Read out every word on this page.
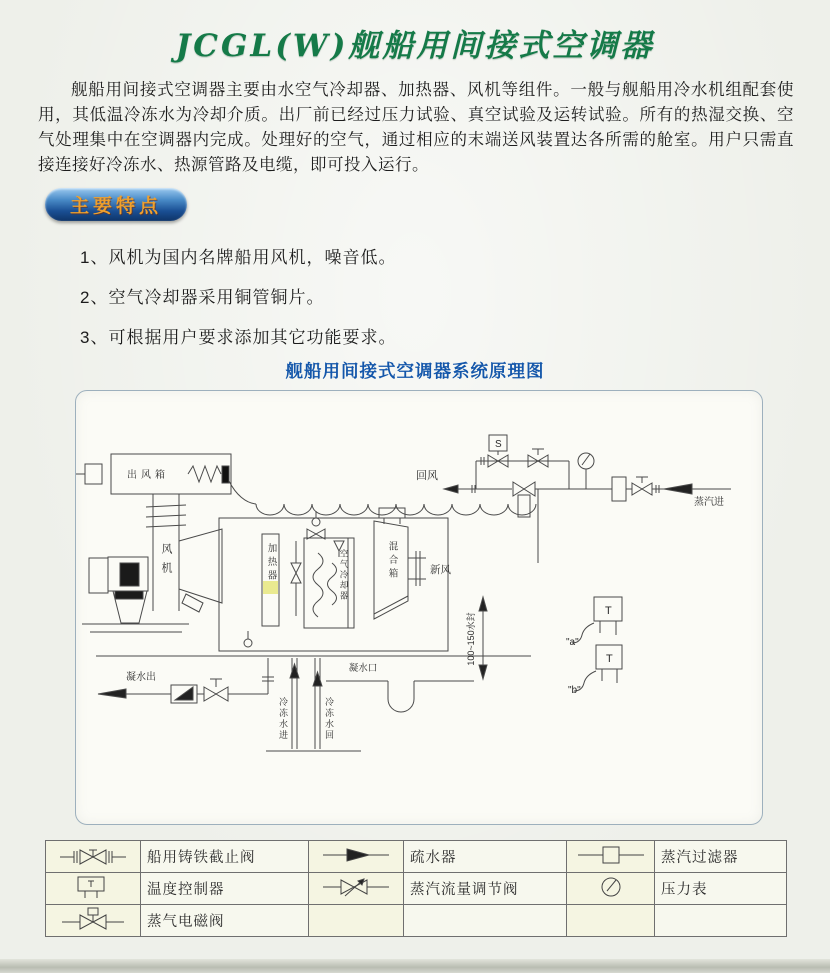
JCGL(W)舰船用间接式空调器
舰船用间接式空调器主要由水空气冷却器、加热器、风机等组件。一般与舰船用冷水机组配套使用，其低温冷冻水为冷却介质。出厂前已经过压力试验、真空试验及运转试验。所有的热湿交换、空气处理集中在空调器内完成。处理好的空气，通过相应的末端送风装置达各所需的舱室。用户只需直接连接好冷冻水、热源管路及电缆，即可投入运行。
主要特点
1、风机为国内名牌船用风机，噪音低。
2、空气冷却器采用铜管铜片。
3、可根据用户要求添加其它功能要求。
舰船用间接式空调器系统原理图
出风箱	回风
风机	加热器	空气冷却器	混合箱	新风
蒸汽进
S
T
"a"
T
"b"
凝水出
冷冻水进	冷冻水回
凝水口
100~150水封
	船用铸铁截止阀		疏水器		蒸汽过滤器
	温度控制器		蒸汽流量调节阀		压力表
	蒸气电磁阀				
